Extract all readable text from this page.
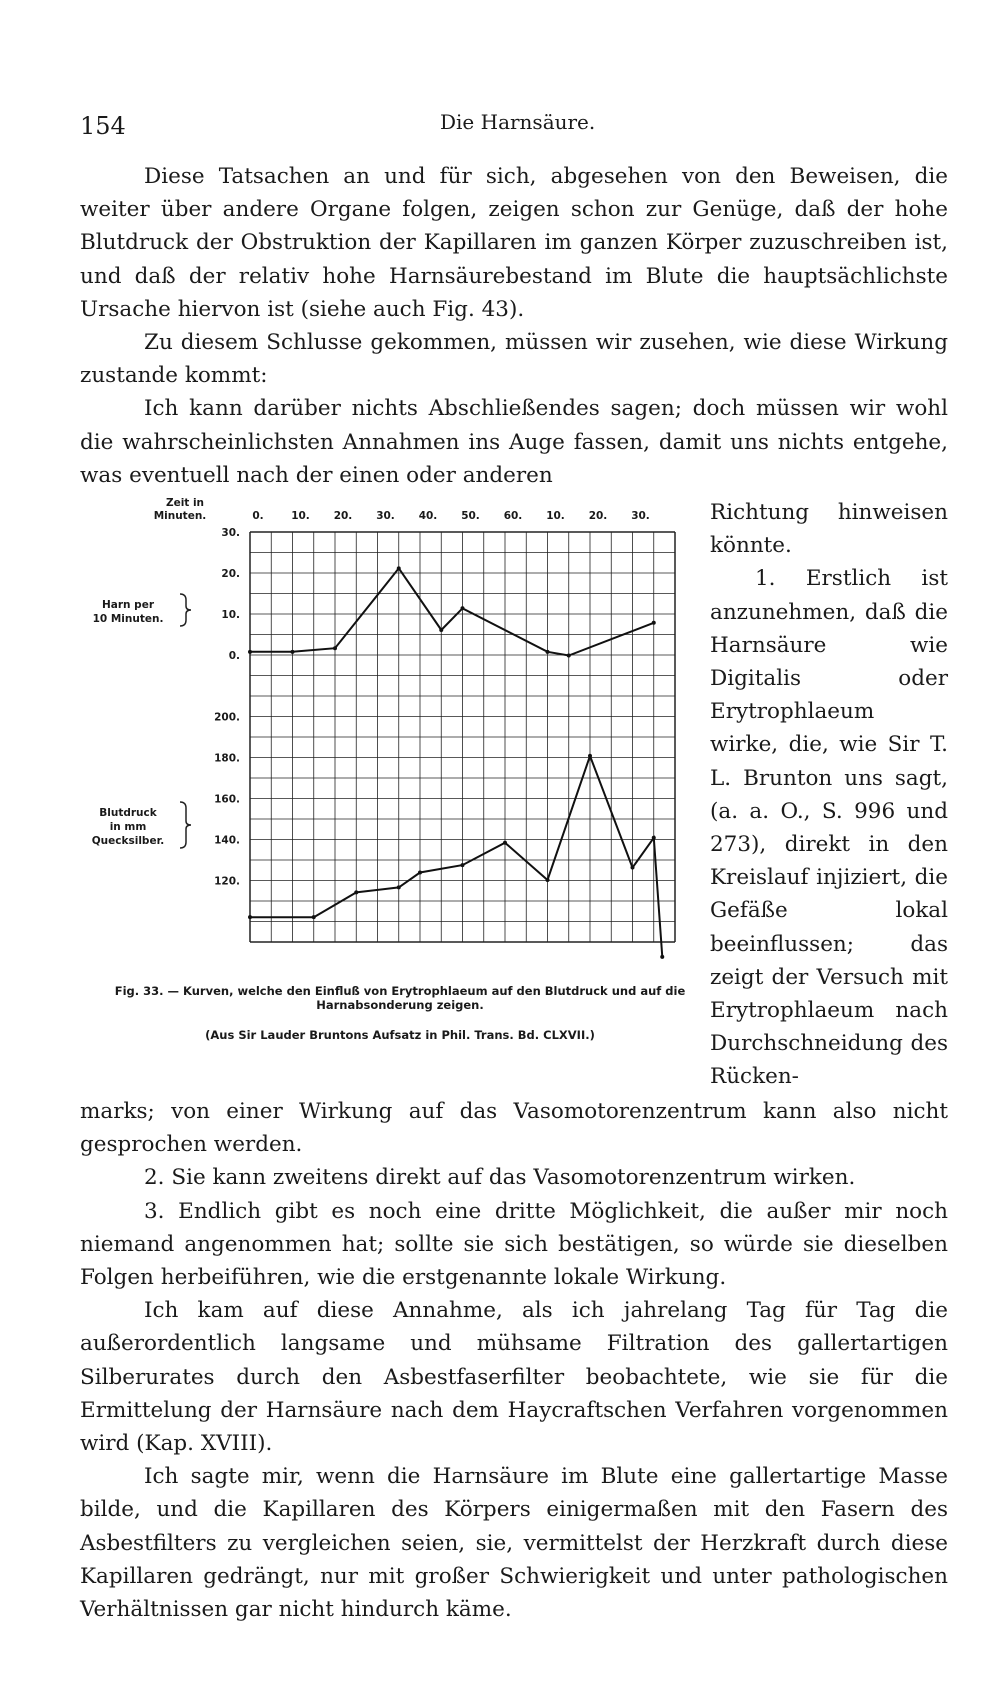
154	Die Harnsäure.

Diese Tatsachen an und für sich, abgesehen von den Beweisen, die weiter über andere Organe folgen, zeigen schon zur Genüge, daß der hohe Blutdruck der Obstruktion der Kapillaren im ganzen Körper zuzuschreiben ist, und daß der relativ hohe Harnsäurebestand im Blute die hauptsächlichste Ursache hiervon ist (siehe auch Fig. 43).

Zu diesem Schlusse gekommen, müssen wir zusehen, wie diese Wirkung zustande kommt:

Ich kann darüber nichts Abschließendes sagen; doch müssen wir wohl die wahrscheinlichsten Annahmen ins Auge fassen, damit uns nichts entgehe, was eventuell nach der einen oder anderen

Richtung hinweisen könnte.

1. Erstlich ist anzunehmen, daß die Harnsäure wie Digitalis oder Erytrophlaeum wirke, die, wie Sir T. L. Brunton uns sagt, (a. a. O., S. 996 und 273), direkt in den Kreislauf injiziert, die Gefäße lokal beeinflussen; das zeigt der Versuch mit Erytrophlaeum nach Durchschneidung des Rücken-

Zeit in
Minuten.	0.	10. 20. 30. 40. 50. 60. 10. 20. 30.
30.
20.
10.
0.
Harn per
10 Minuten.
200.
180.
160.
140.
120.
Blutdruck
in mm
Quecksilber.
Fig. 33. — Kurven, welche den Einfluß von Erytrophlaeum auf den Blutdruck und auf die Harnabsonderung zeigen.
(Aus Sir Lauder Bruntons Aufsatz in Phil. Trans. Bd. CLXVII.)

marks; von einer Wirkung auf das Vasomotorenzentrum kann also nicht gesprochen werden.

2. Sie kann zweitens direkt auf das Vasomotorenzentrum wirken.

3. Endlich gibt es noch eine dritte Möglichkeit, die außer mir noch niemand angenommen hat; sollte sie sich bestätigen, so würde sie dieselben Folgen herbeiführen, wie die erstgenannte lokale Wirkung.

Ich kam auf diese Annahme, als ich jahrelang Tag für Tag die außerordentlich langsame und mühsame Filtration des gallertartigen Silberurates durch den Asbestfaserfilter beobachtete, wie sie für die Ermittelung der Harnsäure nach dem Haycraftschen Verfahren vorgenommen wird (Kap. XVIII).

Ich sagte mir, wenn die Harnsäure im Blute eine gallertartige Masse bilde, und die Kapillaren des Körpers einigermaßen mit den Fasern des Asbestfilters zu vergleichen seien, sie, vermittelst der Herzkraft durch diese Kapillaren gedrängt, nur mit großer Schwierigkeit und unter pathologischen Verhältnissen gar nicht hindurch käme.
